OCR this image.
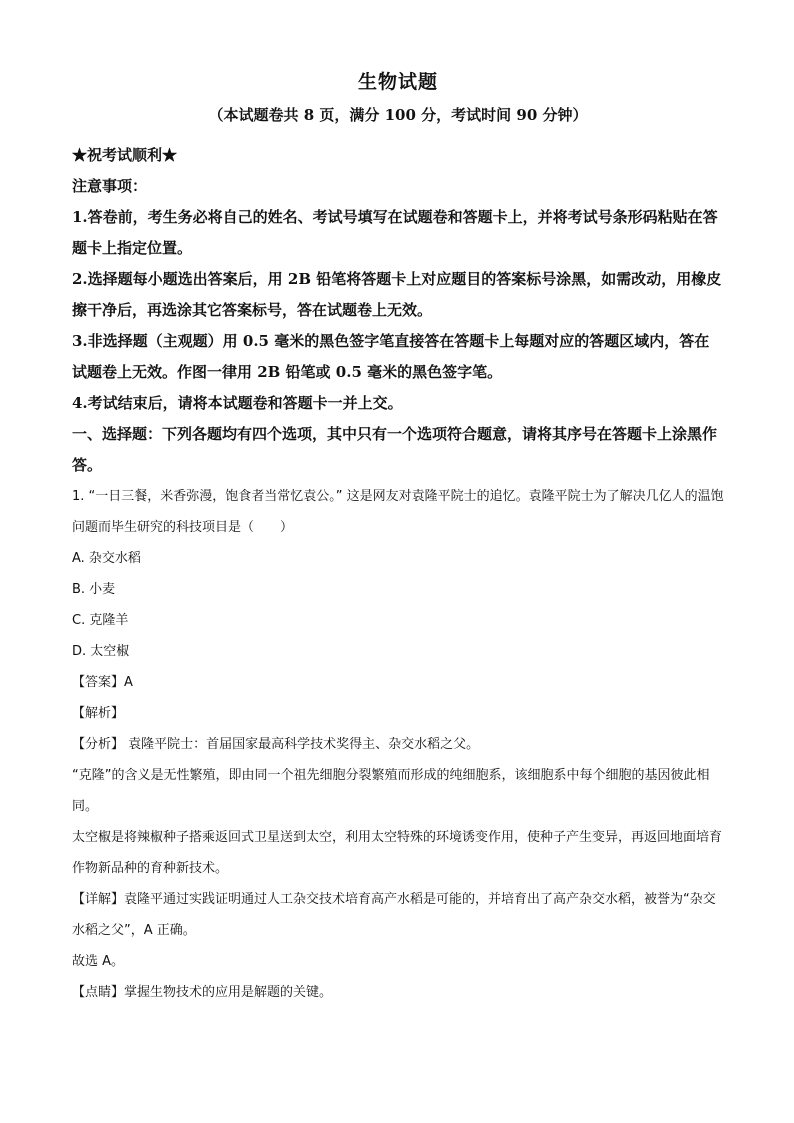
生物试题
（本试题卷共 8 页，满分 100 分，考试时间 90 分钟）

★祝考试顺利★

注意事项：

1.答卷前，考生务必将自己的姓名、考试号填写在试题卷和答题卡上，并将考试号条形码粘贴在答题卡上指定位置。

2.选择题每小题选出答案后，用 2B 铅笔将答题卡上对应题目的答案标号涂黑，如需改动，用橡皮擦干净后，再选涂其它答案标号，答在试题卷上无效。

3.非选择题（主观题）用 0.5 毫米的黑色签字笔直接答在答题卡上每题对应的答题区域内，答在试题卷上无效。作图一律用 2B 铅笔或 0.5 毫米的黑色签字笔。

4.考试结束后，请将本试题卷和答题卡一并上交。

一、选择题：下列各题均有四个选项，其中只有一个选项符合题意，请将其序号在答题卡上涂黑作答。

1. “一日三餐，米香弥漫，饱食者当常忆袁公。” 这是网友对袁隆平院士的追忆。袁隆平院士为了解决几亿人的温饱问题而毕生研究的科技项目是（　　）

A. 杂交水稻

B. 小麦

C. 克隆羊

D. 太空椒

【答案】A

【解析】

【分析】 袁隆平院士：首届国家最高科学技术奖得主、杂交水稻之父。

“克隆”的含义是无性繁殖，即由同一个祖先细胞分裂繁殖而形成的纯细胞系，该细胞系中每个细胞的基因彼此相同。

太空椒是将辣椒种子搭乘返回式卫星送到太空，利用太空特殊的环境诱变作用，使种子产生变异，再返回地面培育作物新品种的育种新技术。

【详解】袁隆平通过实践证明通过人工杂交技术培育高产水稻是可能的，并培育出了高产杂交水稻，被誉为“杂交水稻之父”，A 正确。

故选 A。

【点睛】掌握生物技术的应用是解题的关键。
